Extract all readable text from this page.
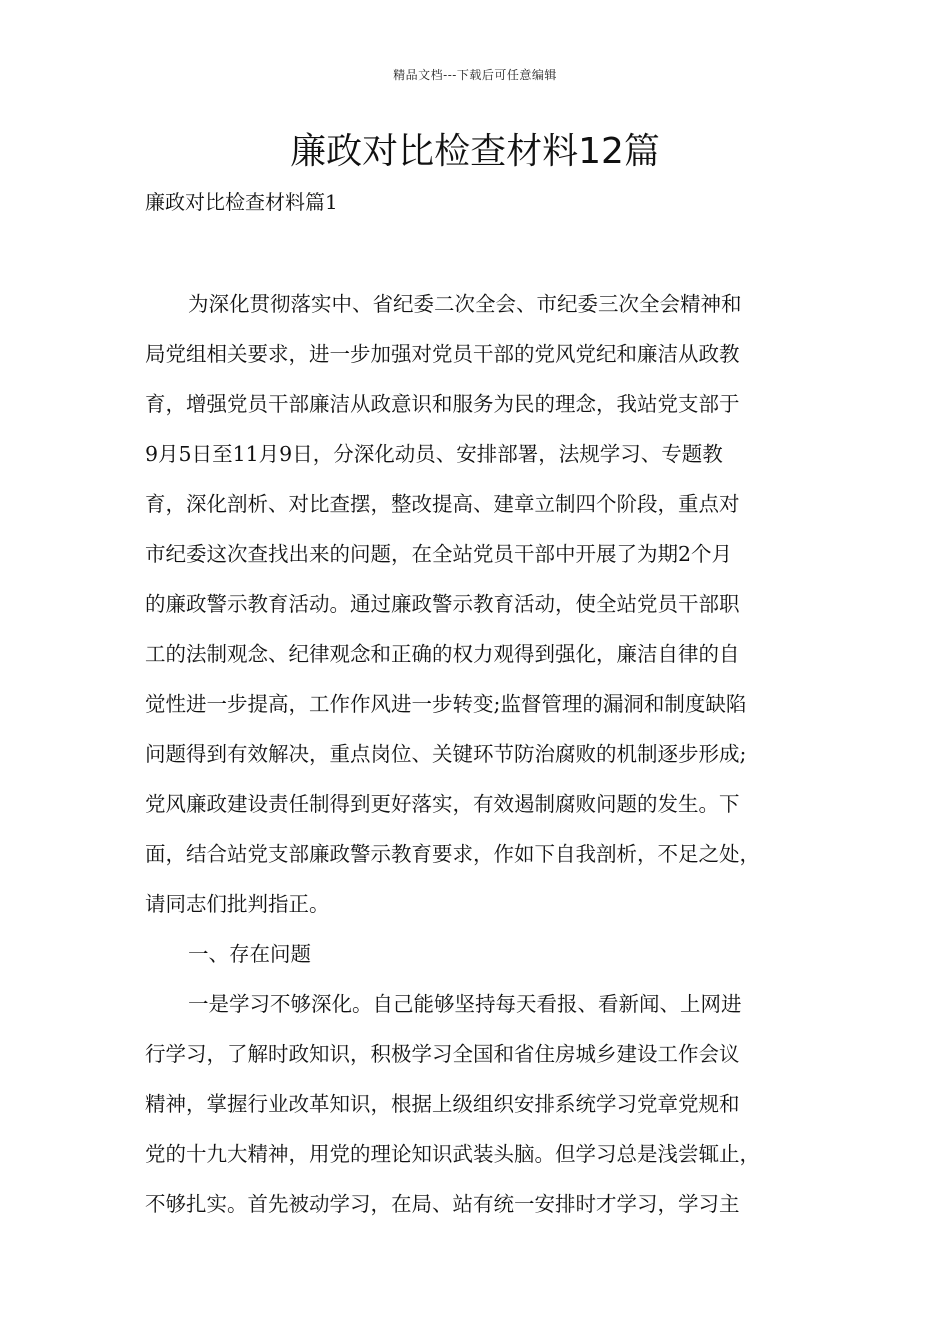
精品文档---下载后可任意编辑
廉政对比检查材料12篇
廉政对比检查材料篇1
为深化贯彻落实中、省纪委二次全会、市纪委三次全会精神和
局党组相关要求，进一步加强对党员干部的党风党纪和廉洁从政教
育，增强党员干部廉洁从政意识和服务为民的理念，我站党支部于
9月5日至11月9日，分深化动员、安排部署，法规学习、专题教
育，深化剖析、对比查摆，整改提高、建章立制四个阶段，重点对
市纪委这次查找出来的问题，在全站党员干部中开展了为期2个月
的廉政警示教育活动。通过廉政警示教育活动，使全站党员干部职
工的法制观念、纪律观念和正确的权力观得到强化，廉洁自律的自
觉性进一步提高，工作作风进一步转变;监督管理的漏洞和制度缺陷
问题得到有效解决，重点岗位、关键环节防治腐败的机制逐步形成;
党风廉政建设责任制得到更好落实，有效遏制腐败问题的发生。下
面，结合站党支部廉政警示教育要求，作如下自我剖析，不足之处，
请同志们批判指正。
一、存在问题
一是学习不够深化。自己能够坚持每天看报、看新闻、上网进
行学习，了解时政知识，积极学习全国和省住房城乡建设工作会议
精神，掌握行业改革知识，根据上级组织安排系统学习党章党规和
党的十九大精神，用党的理论知识武装头脑。但学习总是浅尝辄止，
不够扎实。首先被动学习，在局、站有统一安排时才学习，学习主
